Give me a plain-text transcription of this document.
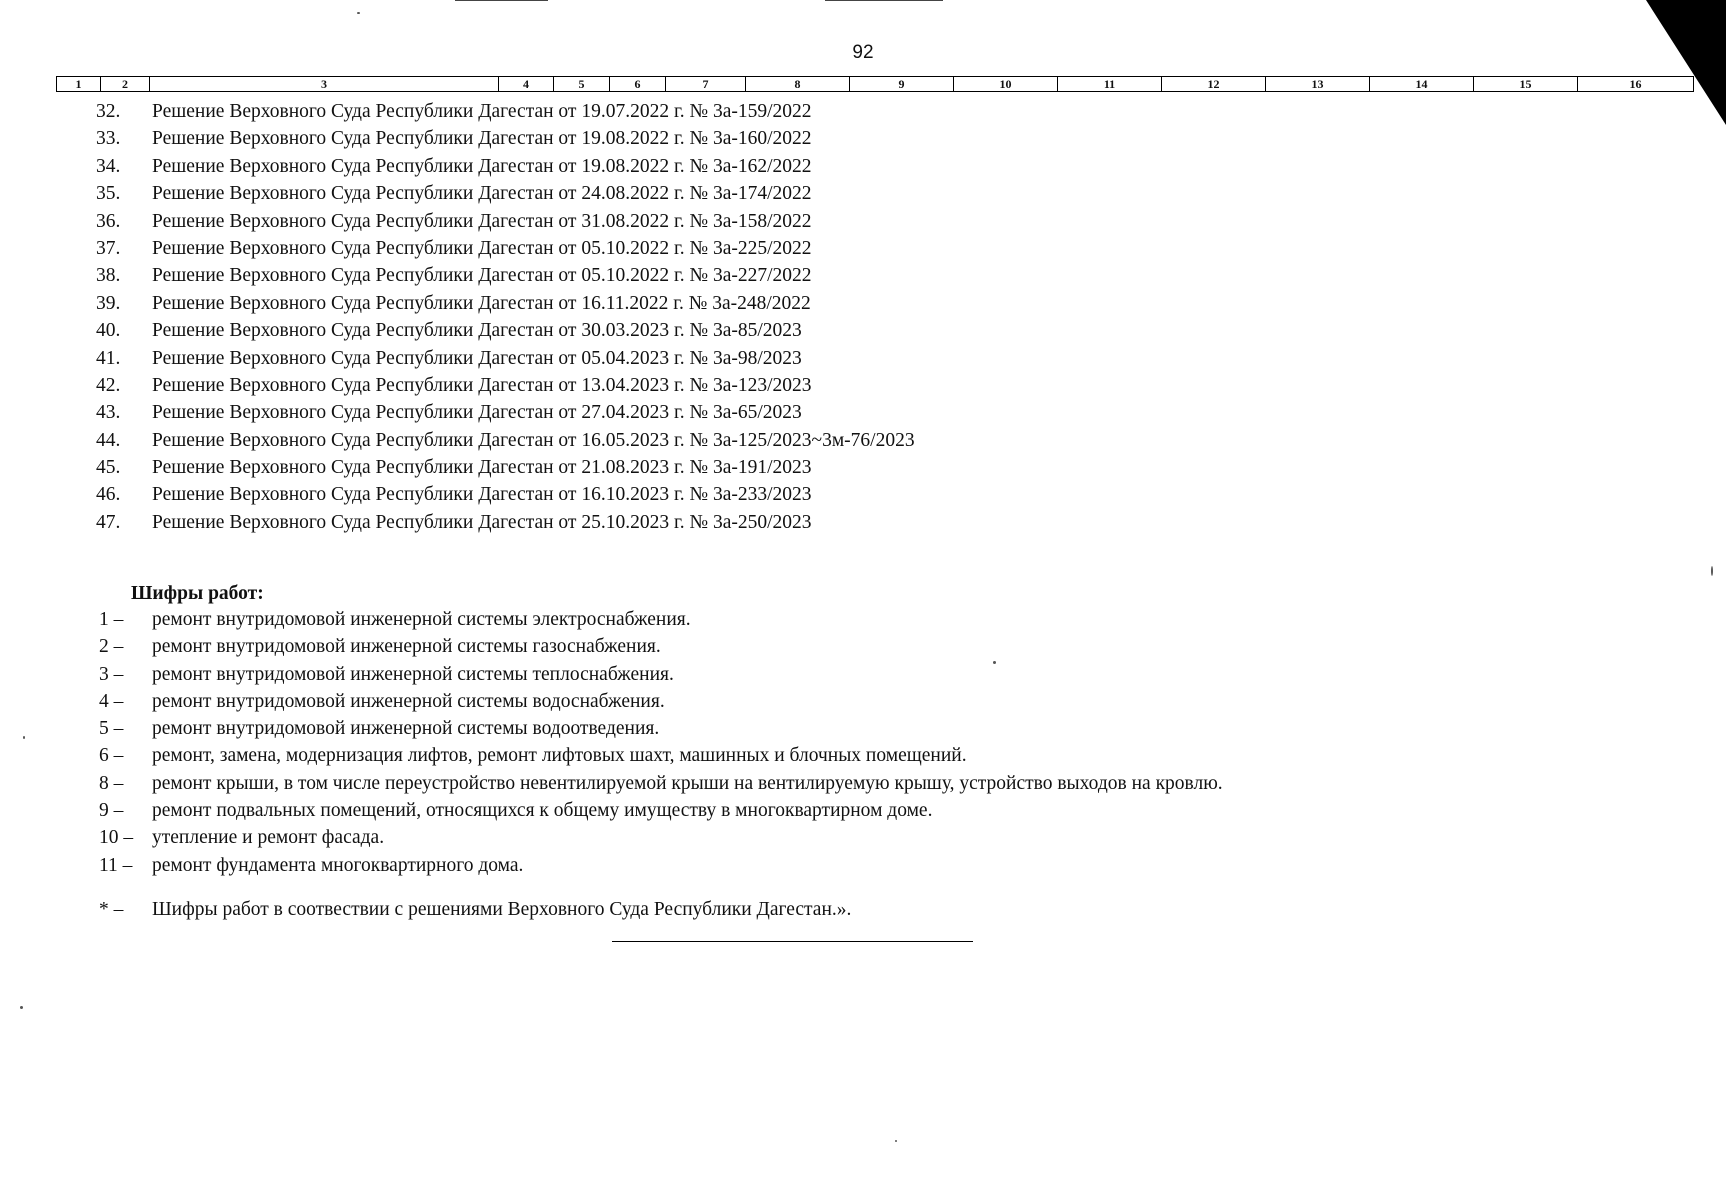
92
1	2	3	4	5	6	7	8	9	10	11	12	13	14	15	16
32. Решение Верховного Суда Республики Дагестан от 19.07.2022 г. № 3а-159/2022
33. Решение Верховного Суда Республики Дагестан от 19.08.2022 г. № 3а-160/2022
34. Решение Верховного Суда Республики Дагестан от 19.08.2022 г. № 3а-162/2022
35. Решение Верховного Суда Республики Дагестан от 24.08.2022 г. № 3а-174/2022
36. Решение Верховного Суда Республики Дагестан от 31.08.2022 г. № 3а-158/2022
37. Решение Верховного Суда Республики Дагестан от 05.10.2022 г. № 3а-225/2022
38. Решение Верховного Суда Республики Дагестан от 05.10.2022 г. № 3а-227/2022
39. Решение Верховного Суда Республики Дагестан от 16.11.2022 г. № 3а-248/2022
40. Решение Верховного Суда Республики Дагестан от 30.03.2023 г. № 3а-85/2023
41. Решение Верховного Суда Республики Дагестан от 05.04.2023 г. № 3а-98/2023
42. Решение Верховного Суда Республики Дагестан от 13.04.2023 г. № 3а-123/2023
43. Решение Верховного Суда Республики Дагестан от 27.04.2023 г. № 3а-65/2023
44. Решение Верховного Суда Республики Дагестан от 16.05.2023 г. № 3а-125/2023~3м-76/2023
45. Решение Верховного Суда Республики Дагестан от 21.08.2023 г. № 3а-191/2023
46. Решение Верховного Суда Республики Дагестан от 16.10.2023 г. № 3а-233/2023
47. Решение Верховного Суда Республики Дагестан от 25.10.2023 г. № 3а-250/2023
Шифры работ:
1 – ремонт внутридомовой инженерной системы электроснабжения.
2 – ремонт внутридомовой инженерной системы газоснабжения.
3 – ремонт внутридомовой инженерной системы теплоснабжения.
4 – ремонт внутридомовой инженерной системы водоснабжения.
5 – ремонт внутридомовой инженерной системы водоотведения.
6 – ремонт, замена, модернизация лифтов, ремонт лифтовых шахт, машинных и блочных помещений.
8 – ремонт крыши, в том числе переустройство невентилируемой крыши на вентилируемую крышу, устройство выходов на кровлю.
9 – ремонт подвальных помещений, относящихся к общему имуществу в многоквартирном доме.
10 – утепление и ремонт фасада.
11 – ремонт фундамента многоквартирного дома.
* – Шифры работ в соотвествии с решениями Верховного Суда Республики Дагестан.».
